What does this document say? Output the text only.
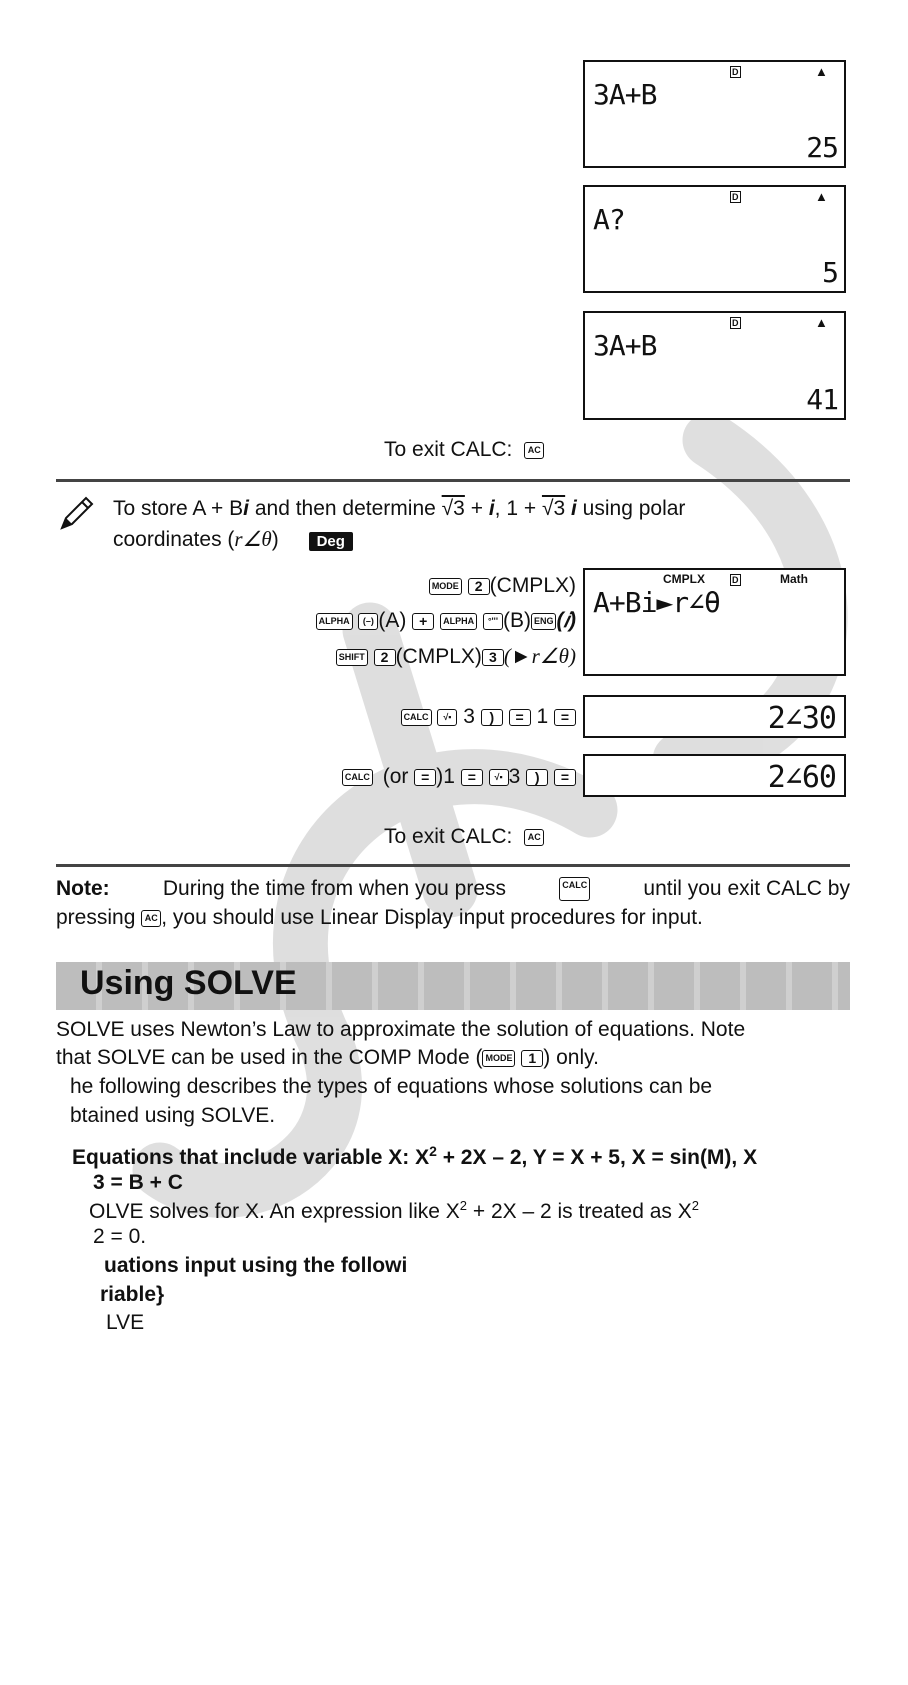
D	▲
3A+B
25
D	▲
A?
5
D	▲
3A+B
41
To exit CALC: AC
To store A + Bi and then determine √3 + i, 1 + √3 i using polar
coordinates (r∠θ)	Deg
MODE 2 (CMPLX)
ALPHA (–) (A) + ALPHA °''' (B) ENG (𝑖)
SHIFT 2 (CMPLX) 3 (►r∠θ)
CMPLX	D	Math
A+Bi►r∠θ
CALC √▪ 3 ) = 1 =	2∠30
CALC (or = )1 = √▪ 3 ) =	2∠60
To exit CALC: AC
Note:	During the time from when you press	CALC	until you exit CALC by
pressing AC , you should use Linear Display input procedures for input.
Using SOLVE
SOLVE uses Newton’s Law to approximate the solution of equations. Note
that SOLVE can be used in the COMP Mode ( MODE 1 ) only.
he following describes the types of equations whose solutions can be
btained using SOLVE.
Equations that include variable X: $X^2 + 2X - 2$, Y = X + 5, X = sin(M), X
3 = B + C
OLVE solves for X. An expression like $X^2 + 2X - 2$ is treated as $X^2$
2 = 0.
uations input using the followi
riable}
LVE
